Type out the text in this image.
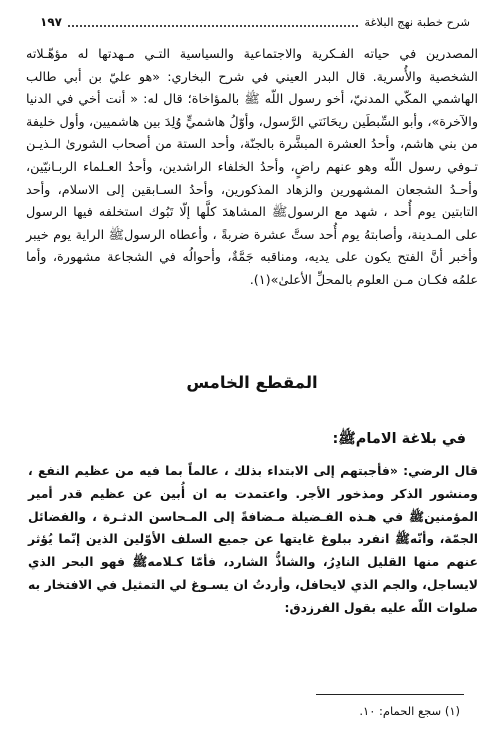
شرح خطبة نهج البلاغة
١٩٧

المصدرين في حياته الفـكرية والاجتماعية والسياسية التـي مـهدتها له مؤهّـلاته الشخصية والأُسرية. قال البدر العيني في شرح البخاري: «هو عليّ بن أبي طالب الهاشمي المكّي المدنيّ، أخو رسول اللّه ﷺ بالمؤاخاة؛ قال له: « أنت أخي في الدنيا والآخرة»، وأبو السِّبطَين ريحَانَتي الرَّسول، وأوّلُ هاشميٍّ وُلِدَ بين هاشميين، وأول خليفة من بني هاشم، وأحدُ العشرة المبشَّرة بالجنّة، وأحد الستة من أصحاب الشورىٰ الـذيـن تـوفي رسول اللّه وهو عنهم راضٍ، وأحدُ الخلفاء الراشدين، وأحدُ العـلماء الربـانيّين، وأحـدُ الشجعان المشهورين والزهاد المذكورين، وأحدُ السـابقين إلى الاسلام، وأحد التابتين يوم أُحد ، شهد مع الرسولﷺ المشاهدَ كلَّها إلّا تَبُوك استخلفه فيها الرسول على المـدينة، وأصابتهُ يوم أُحد ستَّ عشرة ضربةً ، وأعطاه الرسولﷺ الراية يوم خيبر وأخبر أنَّ الفتح يكون على يديه، ومناقبه جَمَّةٌ، وأحوالُه في الشجاعة مشهورة، وأما علمُه فكـان مـن العلوم بالمحلِّ الأعلىٰ»(١).

المقطع الخامس
في بلاغة الامامﷺ:

قال الرضي: «فأجبتهم إلى الابتداء بذلك ، عالماً بما فيه من عظيم النفع ، ومنشور الذكر ومذخور الأجر. واعتمدت به ان أُبين عن عظيم قدر أمير المؤمنينﷺ في هـذه الفـضيلة مـضافةً إلى المـحاسن الدثـرة ، والفضائل الجمّة، وأنّهﷺ انفرد ببلوغ غايتها عن جميع السلف الأوّلين الذين إنّما يُؤثر عنهم منها القليل النادِرُ، والشاذُّ الشارد، فأمّا كـلامهﷺ فهو البحر الذي لايساجل، والجم الذي لايحافل، وأردتُ ان يسـوغ لي التمثيل في الافتخار به صلوات اللّه عليه بقول الفرزدق:

(١) سجع الحمام: ١٠.
